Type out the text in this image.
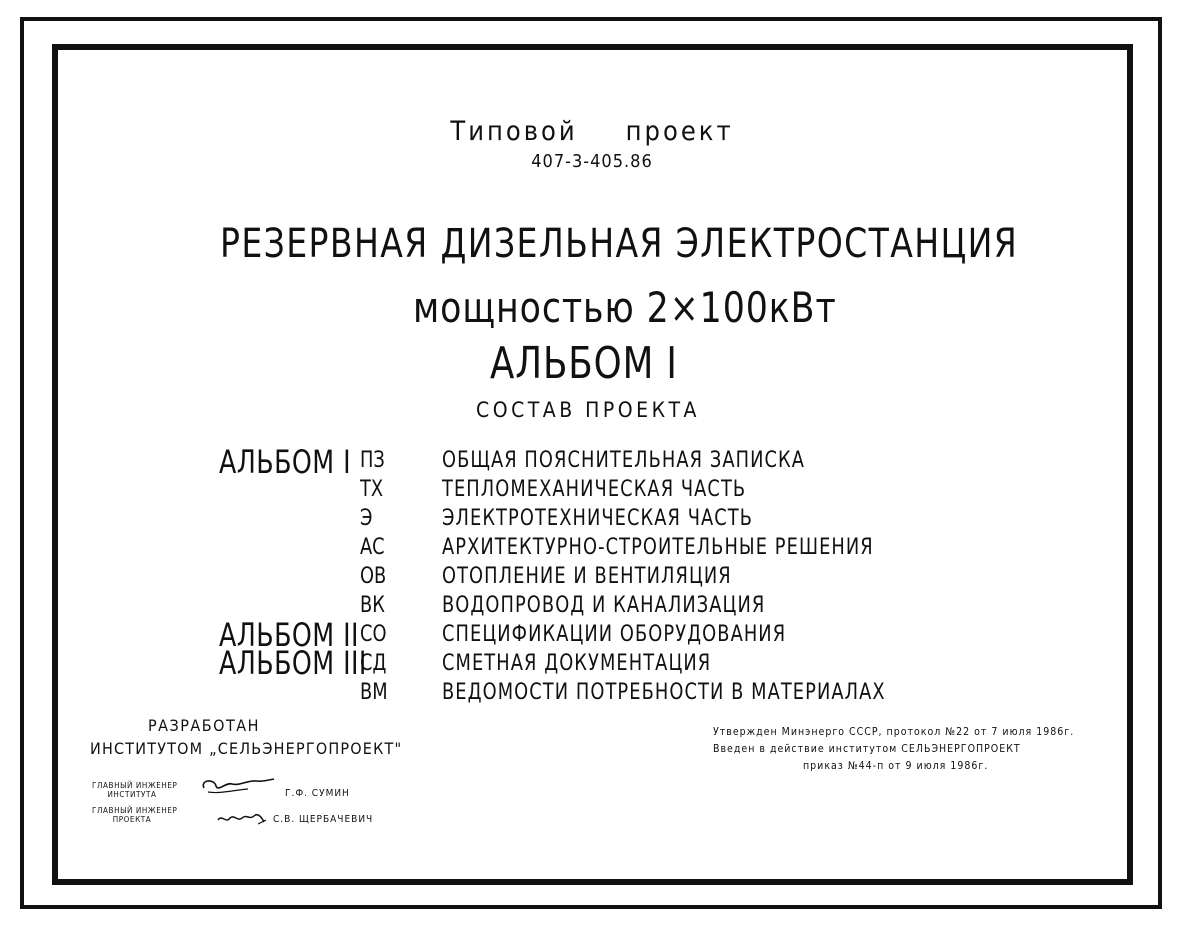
Типовой проект
407-3-405.86
РЕЗЕРВНАЯ ДИЗЕЛЬНАЯ ЭЛЕКТРОСТАНЦИЯ
мощностью 2×100кВт
АЛЬБОМ I
СОСТАВ ПРОЕКТА
АЛЬБОМ I ПЗ	ОБЩАЯ ПОЯСНИТЕЛЬНАЯ ЗАПИСКА
ТХ	ТЕПЛОМЕХАНИЧЕСКАЯ ЧАСТЬ
Э	ЭЛЕКТРОТЕХНИЧЕСКАЯ ЧАСТЬ
АС	АРХИТЕКТУРНО-СТРОИТЕЛЬНЫЕ РЕШЕНИЯ
ОВ	ОТОПЛЕНИЕ И ВЕНТИЛЯЦИЯ
ВК	ВОДОПРОВОД И КАНАЛИЗАЦИЯ
АЛЬБОМ II СО	СПЕЦИФИКАЦИИ ОБОРУДОВАНИЯ
АЛЬБОМ III
СД	СМЕТНАЯ ДОКУМЕНТАЦИЯ
ВМ ВЕДОМОСТИ ПОТРЕБНОСТИ В МАТЕРИАЛАХ
РАЗРАБОТАН
ИНСТИТУТОМ „СЕЛЬЭНЕРГОПРОЕКТ"
ГЛАВНЫЙ ИНЖЕНЕР
ИНСТИТУТА	Г.Ф. СУМИН
ГЛАВНЫЙ ИНЖЕНЕР
ПРОЕКТА	С.В. ЩЕРБАЧЕВИЧ
Утвержден Минэнерго СССР, протокол №22 от 7 июля 1986г.
Введен в действие институтом СЕЛЬЭНЕРГОПРОЕКТ
приказ №44-п от 9 июля 1986г.
